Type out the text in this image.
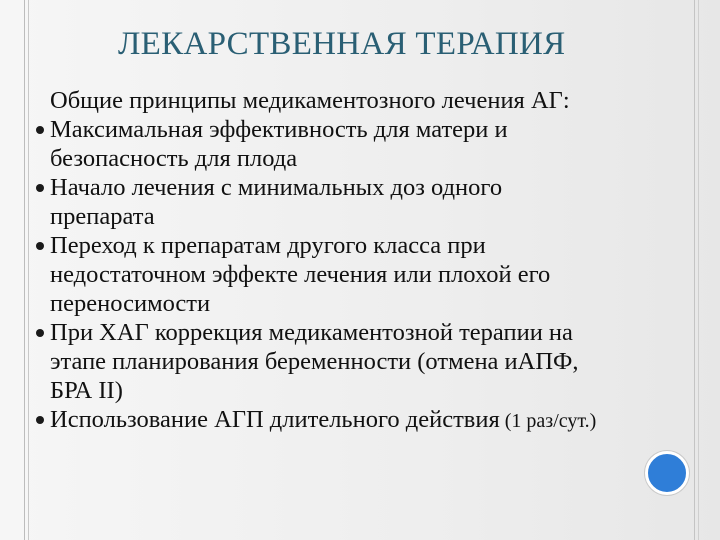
ЛЕКАРСТВЕННАЯ ТЕРАПИЯ
Общие принципы медикаментозного лечения АГ:
Максимальная эффективность для матери и
безопасность для плода
Начало лечения с минимальных доз одного
препарата
Переход к препаратам другого класса при
недостаточном эффекте лечения или плохой его
переносимости
При ХАГ коррекция медикаментозной терапии на
этапе планирования беременности (отмена иАПФ,
БРА II)
Использование АГП длительного действия (1 раз/сут.)
